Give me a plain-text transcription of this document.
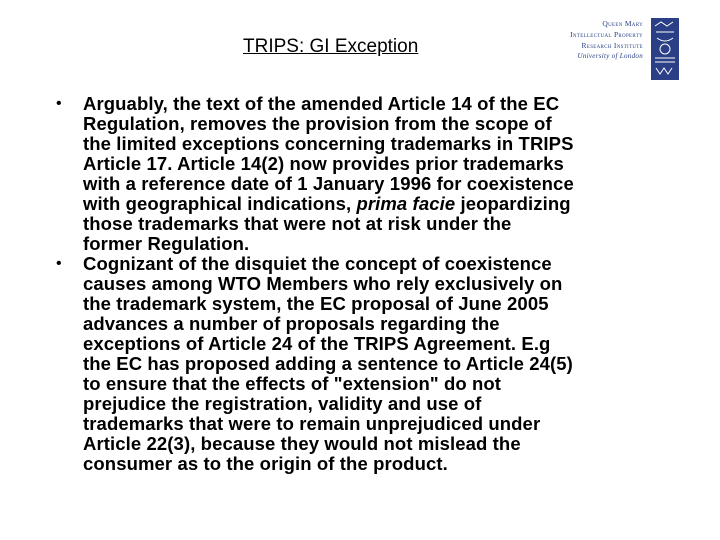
TRIPS: GI Exception
Queen Mary
Intellectual Property
Research Institute
University of London
• Arguably, the text of the amended Article 14 of the EC
Regulation, removes the provision from the scope of
the limited exceptions concerning trademarks in TRIPS
Article 17. Article 14(2) now provides prior trademarks
with a reference date of 1 January 1996 for coexistence
with geographical indications, prima facie jeopardizing
those trademarks that were not at risk under the
former Regulation.
• Cognizant of the disquiet the concept of coexistence
causes among WTO Members who rely exclusively on
the trademark system, the EC proposal of June 2005
advances a number of proposals regarding the
exceptions of Article 24 of the TRIPS Agreement. E.g
the EC has proposed adding a sentence to Article 24(5)
to ensure that the effects of "extension" do not
prejudice the registration, validity and use of
trademarks that were to remain unprejudiced under
Article 22(3), because they would not mislead the
consumer as to the origin of the product.
